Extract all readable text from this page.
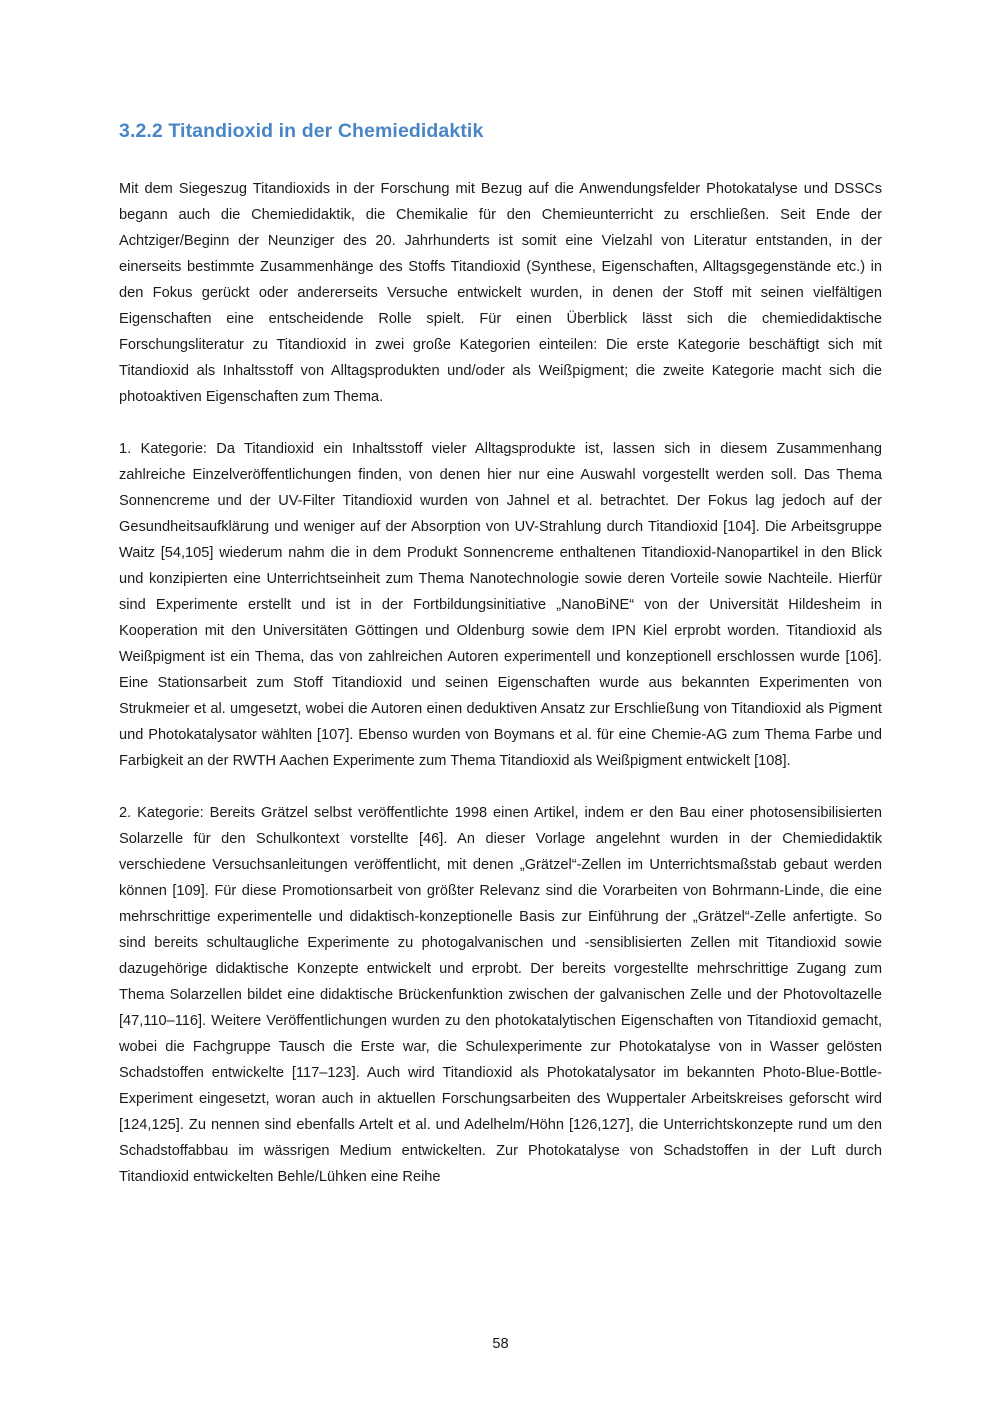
3.2.2 Titandioxid in der Chemiedidaktik

Mit dem Siegeszug Titandioxids in der Forschung mit Bezug auf die Anwendungsfelder Photokatalyse und DSSCs begann auch die Chemiedidaktik, die Chemikalie für den Chemieunterricht zu erschließen. Seit Ende der Achtziger/Beginn der Neunziger des 20. Jahrhunderts ist somit eine Vielzahl von Literatur entstanden, in der einerseits bestimmte Zusammenhänge des Stoffs Titandioxid (Synthese, Eigenschaften, Alltagsgegenstände etc.) in den Fokus gerückt oder andererseits Versuche entwickelt wurden, in denen der Stoff mit seinen vielfältigen Eigenschaften eine entscheidende Rolle spielt. Für einen Überblick lässt sich die chemiedidaktische Forschungsliteratur zu Titandioxid in zwei große Kategorien einteilen: Die erste Kategorie beschäftigt sich mit Titandioxid als Inhaltsstoff von Alltagsprodukten und/oder als Weißpigment; die zweite Kategorie macht sich die photoaktiven Eigenschaften zum Thema.

1. Kategorie: Da Titandioxid ein Inhaltsstoff vieler Alltagsprodukte ist, lassen sich in diesem Zusammenhang zahlreiche Einzelveröffentlichungen finden, von denen hier nur eine Auswahl vorgestellt werden soll. Das Thema Sonnencreme und der UV-Filter Titandioxid wurden von Jahnel et al. betrachtet. Der Fokus lag jedoch auf der Gesundheitsaufklärung und weniger auf der Absorption von UV-Strahlung durch Titandioxid [104]. Die Arbeitsgruppe Waitz [54,105] wiederum nahm die in dem Produkt Sonnencreme enthaltenen Titandioxid-Nanopartikel in den Blick und konzipierten eine Unterrichtseinheit zum Thema Nanotechnologie sowie deren Vorteile sowie Nachteile. Hierfür sind Experimente erstellt und ist in der Fortbildungsinitiative „NanoBiNE“ von der Universität Hildesheim in Kooperation mit den Universitäten Göttingen und Oldenburg sowie dem IPN Kiel erprobt worden. Titandioxid als Weißpigment ist ein Thema, das von zahlreichen Autoren experimentell und konzeptionell erschlossen wurde [106]. Eine Stationsarbeit zum Stoff Titandioxid und seinen Eigenschaften wurde aus bekannten Experimenten von Strukmeier et al. umgesetzt, wobei die Autoren einen deduktiven Ansatz zur Erschließung von Titandioxid als Pigment und Photokatalysator wählten [107]. Ebenso wurden von Boymans et al. für eine Chemie-AG zum Thema Farbe und Farbigkeit an der RWTH Aachen Experimente zum Thema Titandioxid als Weißpigment entwickelt [108].

2. Kategorie: Bereits Grätzel selbst veröffentlichte 1998 einen Artikel, indem er den Bau einer photosensibilisierten Solarzelle für den Schulkontext vorstellte [46]. An dieser Vorlage angelehnt wurden in der Chemiedidaktik verschiedene Versuchsanleitungen veröffentlicht, mit denen „Grätzel“-Zellen im Unterrichtsmaßstab gebaut werden können [109]. Für diese Promotionsarbeit von größter Relevanz sind die Vorarbeiten von Bohrmann-Linde, die eine mehrschrittige experimentelle und didaktisch-konzeptionelle Basis zur Einführung der „Grätzel“-Zelle anfertigte. So sind bereits schultaugliche Experimente zu photogalvanischen und -sensiblisierten Zellen mit Titandioxid sowie dazugehörige didaktische Konzepte entwickelt und erprobt. Der bereits vorgestellte mehrschrittige Zugang zum Thema Solarzellen bildet eine didaktische Brückenfunktion zwischen der galvanischen Zelle und der Photovoltazelle [47,110–116]. Weitere Veröffentlichungen wurden zu den photokatalytischen Eigenschaften von Titandioxid gemacht, wobei die Fachgruppe Tausch die Erste war, die Schulexperimente zur Photokatalyse von in Wasser gelösten Schadstoffen entwickelte [117–123]. Auch wird Titandioxid als Photokatalysator im bekannten Photo-Blue-Bottle-Experiment eingesetzt, woran auch in aktuellen Forschungsarbeiten des Wuppertaler Arbeitskreises geforscht wird [124,125]. Zu nennen sind ebenfalls Artelt et al. und Adelhelm/Höhn [126,127], die Unterrichtskonzepte rund um den Schadstoffabbau im wässrigen Medium entwickelten. Zur Photokatalyse von Schadstoffen in der Luft durch Titandioxid entwickelten Behle/Lühken eine Reihe

58
